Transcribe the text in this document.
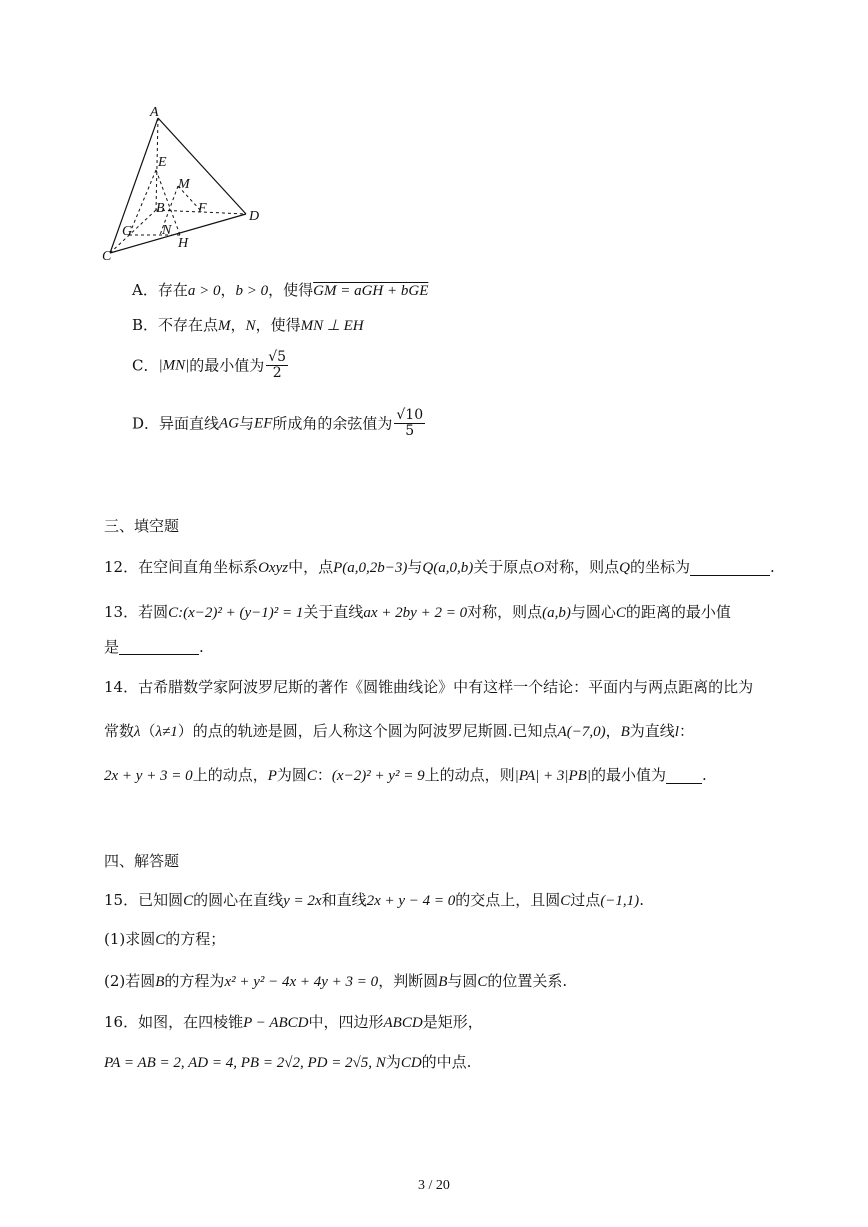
A
E
M
B F
D
G N
H
C
A．存在a > 0，b > 0，使得GM = aGH + bGE
B．不存在点M，N，使得MN ⊥ EH
C．|MN|的最小值为 $\frac{√5}{2}$
D．异面直线AG与EF所成角的余弦值为 $\frac{√10}{5}$
三、填空题
12．在空间直角坐标系Oxyz中，点P(a,0,2b−3)与Q(a,0,b)关于原点O对称，则点Q的坐标为	.
13．若圆C:(x−2)² + (y−1)² = 1关于直线ax + 2by + 2 = 0对称，则点(a,b)与圆心C的距离的最小值
是	.
14．古希腊数学家阿波罗尼斯的著作《圆锥曲线论》中有这样一个结论：平面内与两点距离的比为
常数λ（λ≠1）的点的轨迹是圆，后人称这个圆为阿波罗尼斯圆.已知点A(−7,0)，B为直线l：
2x + y + 3 = 0上的动点，P为圆C：(x−2)² + y² = 9上的动点，则|PA| + 3|PB|的最小值为 .
四、解答题
15．已知圆C的圆心在直线y = 2x和直线2x + y − 4 = 0的交点上，且圆C过点(−1,1).
(1)求圆C的方程；
(2)若圆B的方程为x² + y² − 4x + 4y + 3 = 0，判断圆B与圆C的位置关系.
16．如图，在四棱锥P − ABCD中，四边形ABCD是矩形，
PA = AB = 2, AD = 4, PB = 2√2, PD = 2√5, N为CD的中点.
3 / 20
